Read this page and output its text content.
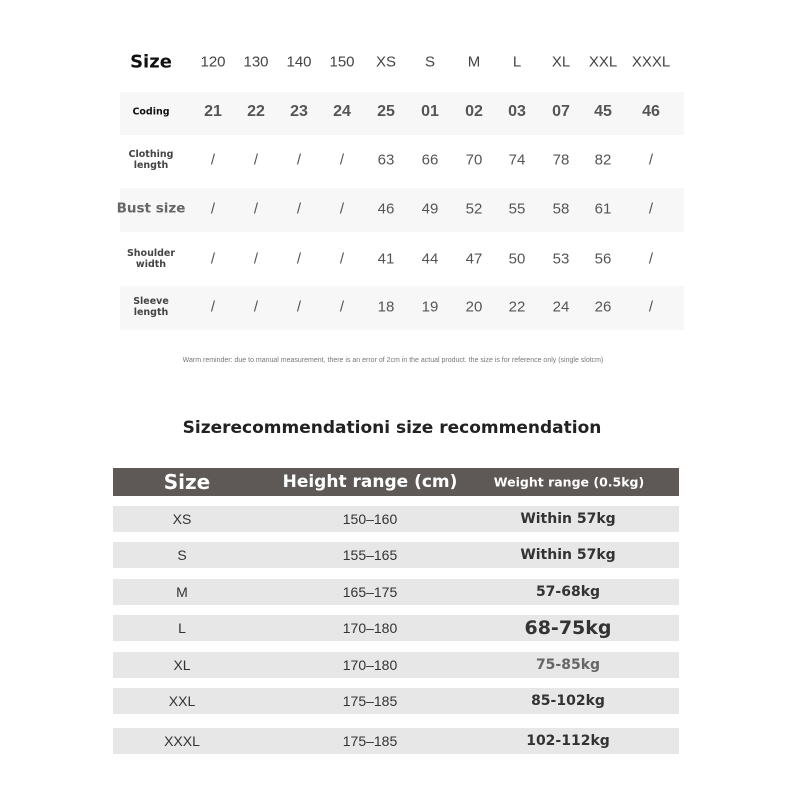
Size 120 130 140 150 XS S M L XL XXL XXXL
Coding 21 22 23 24 25 01 02 03 07 45 46
Clothing length	/	/	/	/ 63 66 70 74 78 82	/
Bust size /	/	/	/ 46 49 52 55 58 61	/
Shoulder width	/	/	/	/ 41 44 47 50 53 56	/
Sleeve length	/	/	/	/ 18 19 20 22 24 26	/
Warm reminder: due to manual measurement, there is an error of 2cm in the actual product. the size is for reference only (single slotcm)
Sizerecommendationi size recommendation
Size	Height range (cm)	Weight range (0.5kg)
XS	150–160	Within 57kg
S	155–165	Within 57kg
M	165–175	57-68kg
L	170–180	68-75kg
XL	170–180	75-85kg
XXL	175–185	85-102kg
XXXL	175–185	102-112kg
